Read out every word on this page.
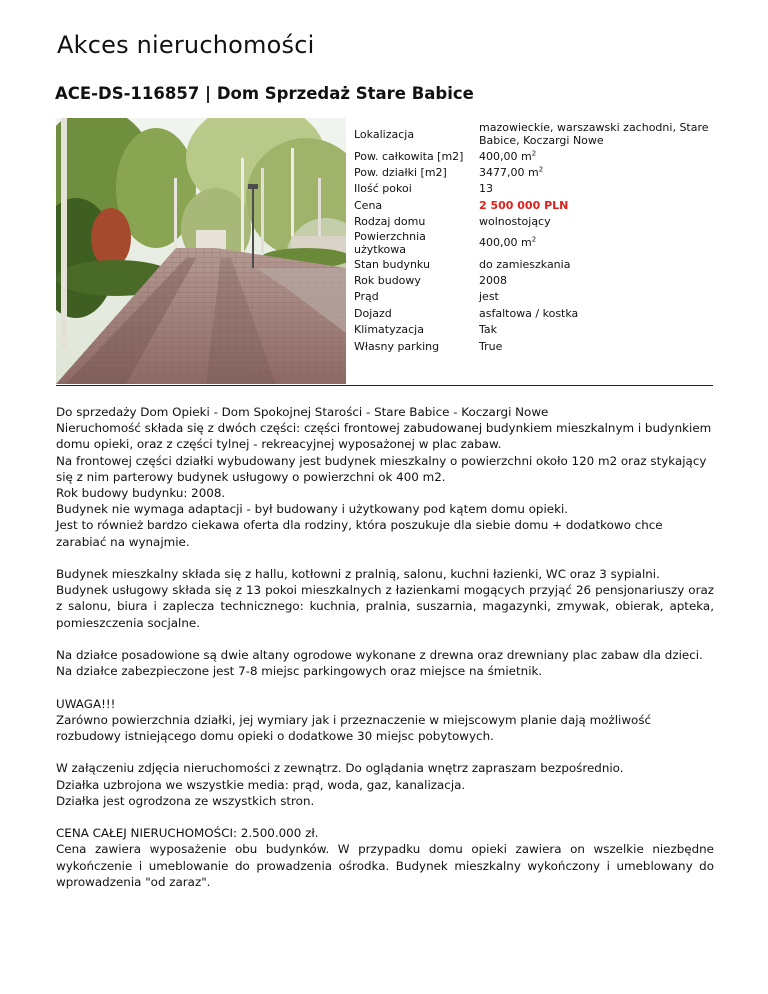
Akces nieruchomości
ACE-DS-116857 | Dom Sprzedaż Stare Babice
Lokalizacja	mazowieckie, warszawski zachodni, Stare Babice, Koczargi Nowe
Pow. całkowita [m2]	400,00 $m^2$
Pow. działki [m2]	3477,00 $m^2$
Ilość pokoi	13
Cena	2 500 000 PLN
Rodzaj domu	wolnostojący
Powierzchnia użytkowa	400,00 $m^2$
Stan budynku	do zamieszkania
Rok budowy	2008
Prąd	jest
Dojazd	asfaltowa / kostka
Klimatyzacja	Tak
Własny parking	True

Do sprzedaży Dom Opieki - Dom Spokojnej Starości - Stare Babice - Koczargi Nowe
Nieruchomość składa się z dwóch części: części frontowej zabudowanej budynkiem mieszkalnym i budynkiem domu opieki, oraz z części tylnej - rekreacyjnej wyposażonej w plac zabaw.
Na frontowej części działki wybudowany jest budynek mieszkalny o powierzchni około 120 m2 oraz stykający się z nim parterowy budynek usługowy o powierzchni ok 400 m2.
Rok budowy budynku: 2008.
Budynek nie wymaga adaptacji - był budowany i użytkowany pod kątem domu opieki.
Jest to również bardzo ciekawa oferta dla rodziny, która poszukuje dla siebie domu + dodatkowo chce zarabiać na wynajmie.

Budynek mieszkalny składa się z hallu, kotłowni z pralnią, salonu, kuchni łazienki, WC oraz 3 sypialni.
Budynek usługowy składa się z 13 pokoi mieszkalnych z łazienkami mogących przyjąć 26 pensjonariuszy oraz z salonu, biura i zaplecza technicznego: kuchnia, pralnia, suszarnia, magazynki, zmywak, obierak, apteka, pomieszczenia socjalne.

Na działce posadowione są dwie altany ogrodowe wykonane z drewna oraz drewniany plac zabaw dla dzieci.
Na działce zabezpieczone jest 7-8 miejsc parkingowych oraz miejsce na śmietnik.

UWAGA!!!
Zarówno powierzchnia działki, jej wymiary jak i przeznaczenie w miejscowym planie dają możliwość rozbudowy istniejącego domu opieki o dodatkowe 30 miejsc pobytowych.

W załączeniu zdjęcia nieruchomości z zewnątrz. Do oglądania wnętrz zapraszam bezpośrednio.
Działka uzbrojona we wszystkie media: prąd, woda, gaz, kanalizacja.
Działka jest ogrodzona ze wszystkich stron.

CENA CAŁEJ NIERUCHOMOŚCI: 2.500.000 zł.
Cena zawiera wyposażenie obu budynków. W przypadku domu opieki zawiera on wszelkie niezbędne wykończenie i umeblowanie do prowadzenia ośrodka. Budynek mieszkalny wykończony i umeblowany do wprowadzenia "od zaraz".
